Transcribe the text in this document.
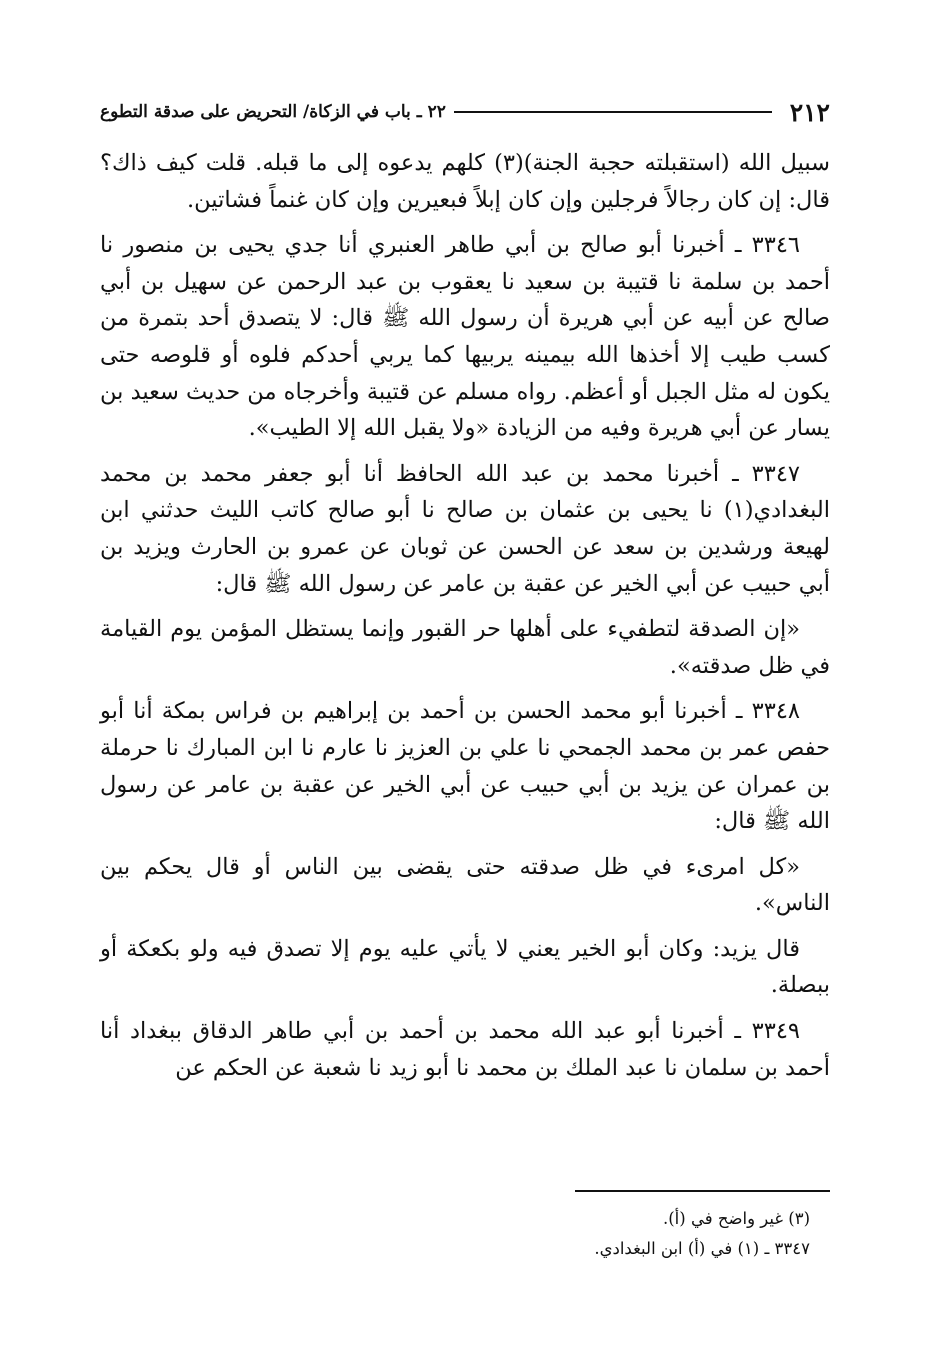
٢١٢
٢٢ ـ باب في الزكاة/ التحريض على صدقة التطوع

سبيل الله (استقبلته حجبة الجنة)(٣) كلهم يدعوه إلى ما قبله. قلت كيف ذاك؟ قال: إن كان رجالاً فرجلين وإن كان إبلاً فبعيرين وإن كان غنماً فشاتين.

٣٣٤٦ ـ أخبرنا أبو صالح بن أبي طاهر العنبري أنا جدي يحيى بن منصور نا أحمد بن سلمة نا قتيبة بن سعيد نا يعقوب بن عبد الرحمن عن سهيل بن أبي صالح عن أبيه عن أبي هريرة أن رسول الله ﷺ قال: لا يتصدق أحد بتمرة من كسب طيب إلا أخذها الله بيمينه يربيها كما يربي أحدكم فلوه أو قلوصه حتى يكون له مثل الجبل أو أعظم. رواه مسلم عن قتيبة وأخرجاه من حديث سعيد بن يسار عن أبي هريرة وفيه من الزيادة «ولا يقبل الله إلا الطيب».

٣٣٤٧ ـ أخبرنا محمد بن عبد الله الحافظ أنا أبو جعفر محمد بن محمد البغدادي(١) نا يحيى بن عثمان بن صالح نا أبو صالح كاتب الليث حدثني ابن لهيعة ورشدين بن سعد عن الحسن عن ثوبان عن عمرو بن الحارث ويزيد بن أبي حبيب عن أبي الخير عن عقبة بن عامر عن رسول الله ﷺ قال:

«إن الصدقة لتطفيء على أهلها حر القبور وإنما يستظل المؤمن يوم القيامة في ظل صدقته».

٣٣٤٨ ـ أخبرنا أبو محمد الحسن بن أحمد بن إبراهيم بن فراس بمكة أنا أبو حفص عمر بن محمد الجمحي نا علي بن العزيز نا عارم نا ابن المبارك نا حرملة بن عمران عن يزيد بن أبي حبيب عن أبي الخير عن عقبة بن عامر عن رسول الله ﷺ قال:

«كل امرىء في ظل صدقته حتى يقضى بين الناس أو قال يحكم بين الناس».

قال يزيد: وكان أبو الخير يعني لا يأتي عليه يوم إلا تصدق فيه ولو بكعكة أو ببصلة.

٣٣٤٩ ـ أخبرنا أبو عبد الله محمد بن أحمد بن أبي طاهر الدقاق ببغداد أنا أحمد بن سلمان نا عبد الملك بن محمد نا أبو زيد نا شعبة عن الحكم عن

(٣) غير واضح في (أ).
٣٣٤٧ ـ (١) في (أ) ابن البغدادي.
